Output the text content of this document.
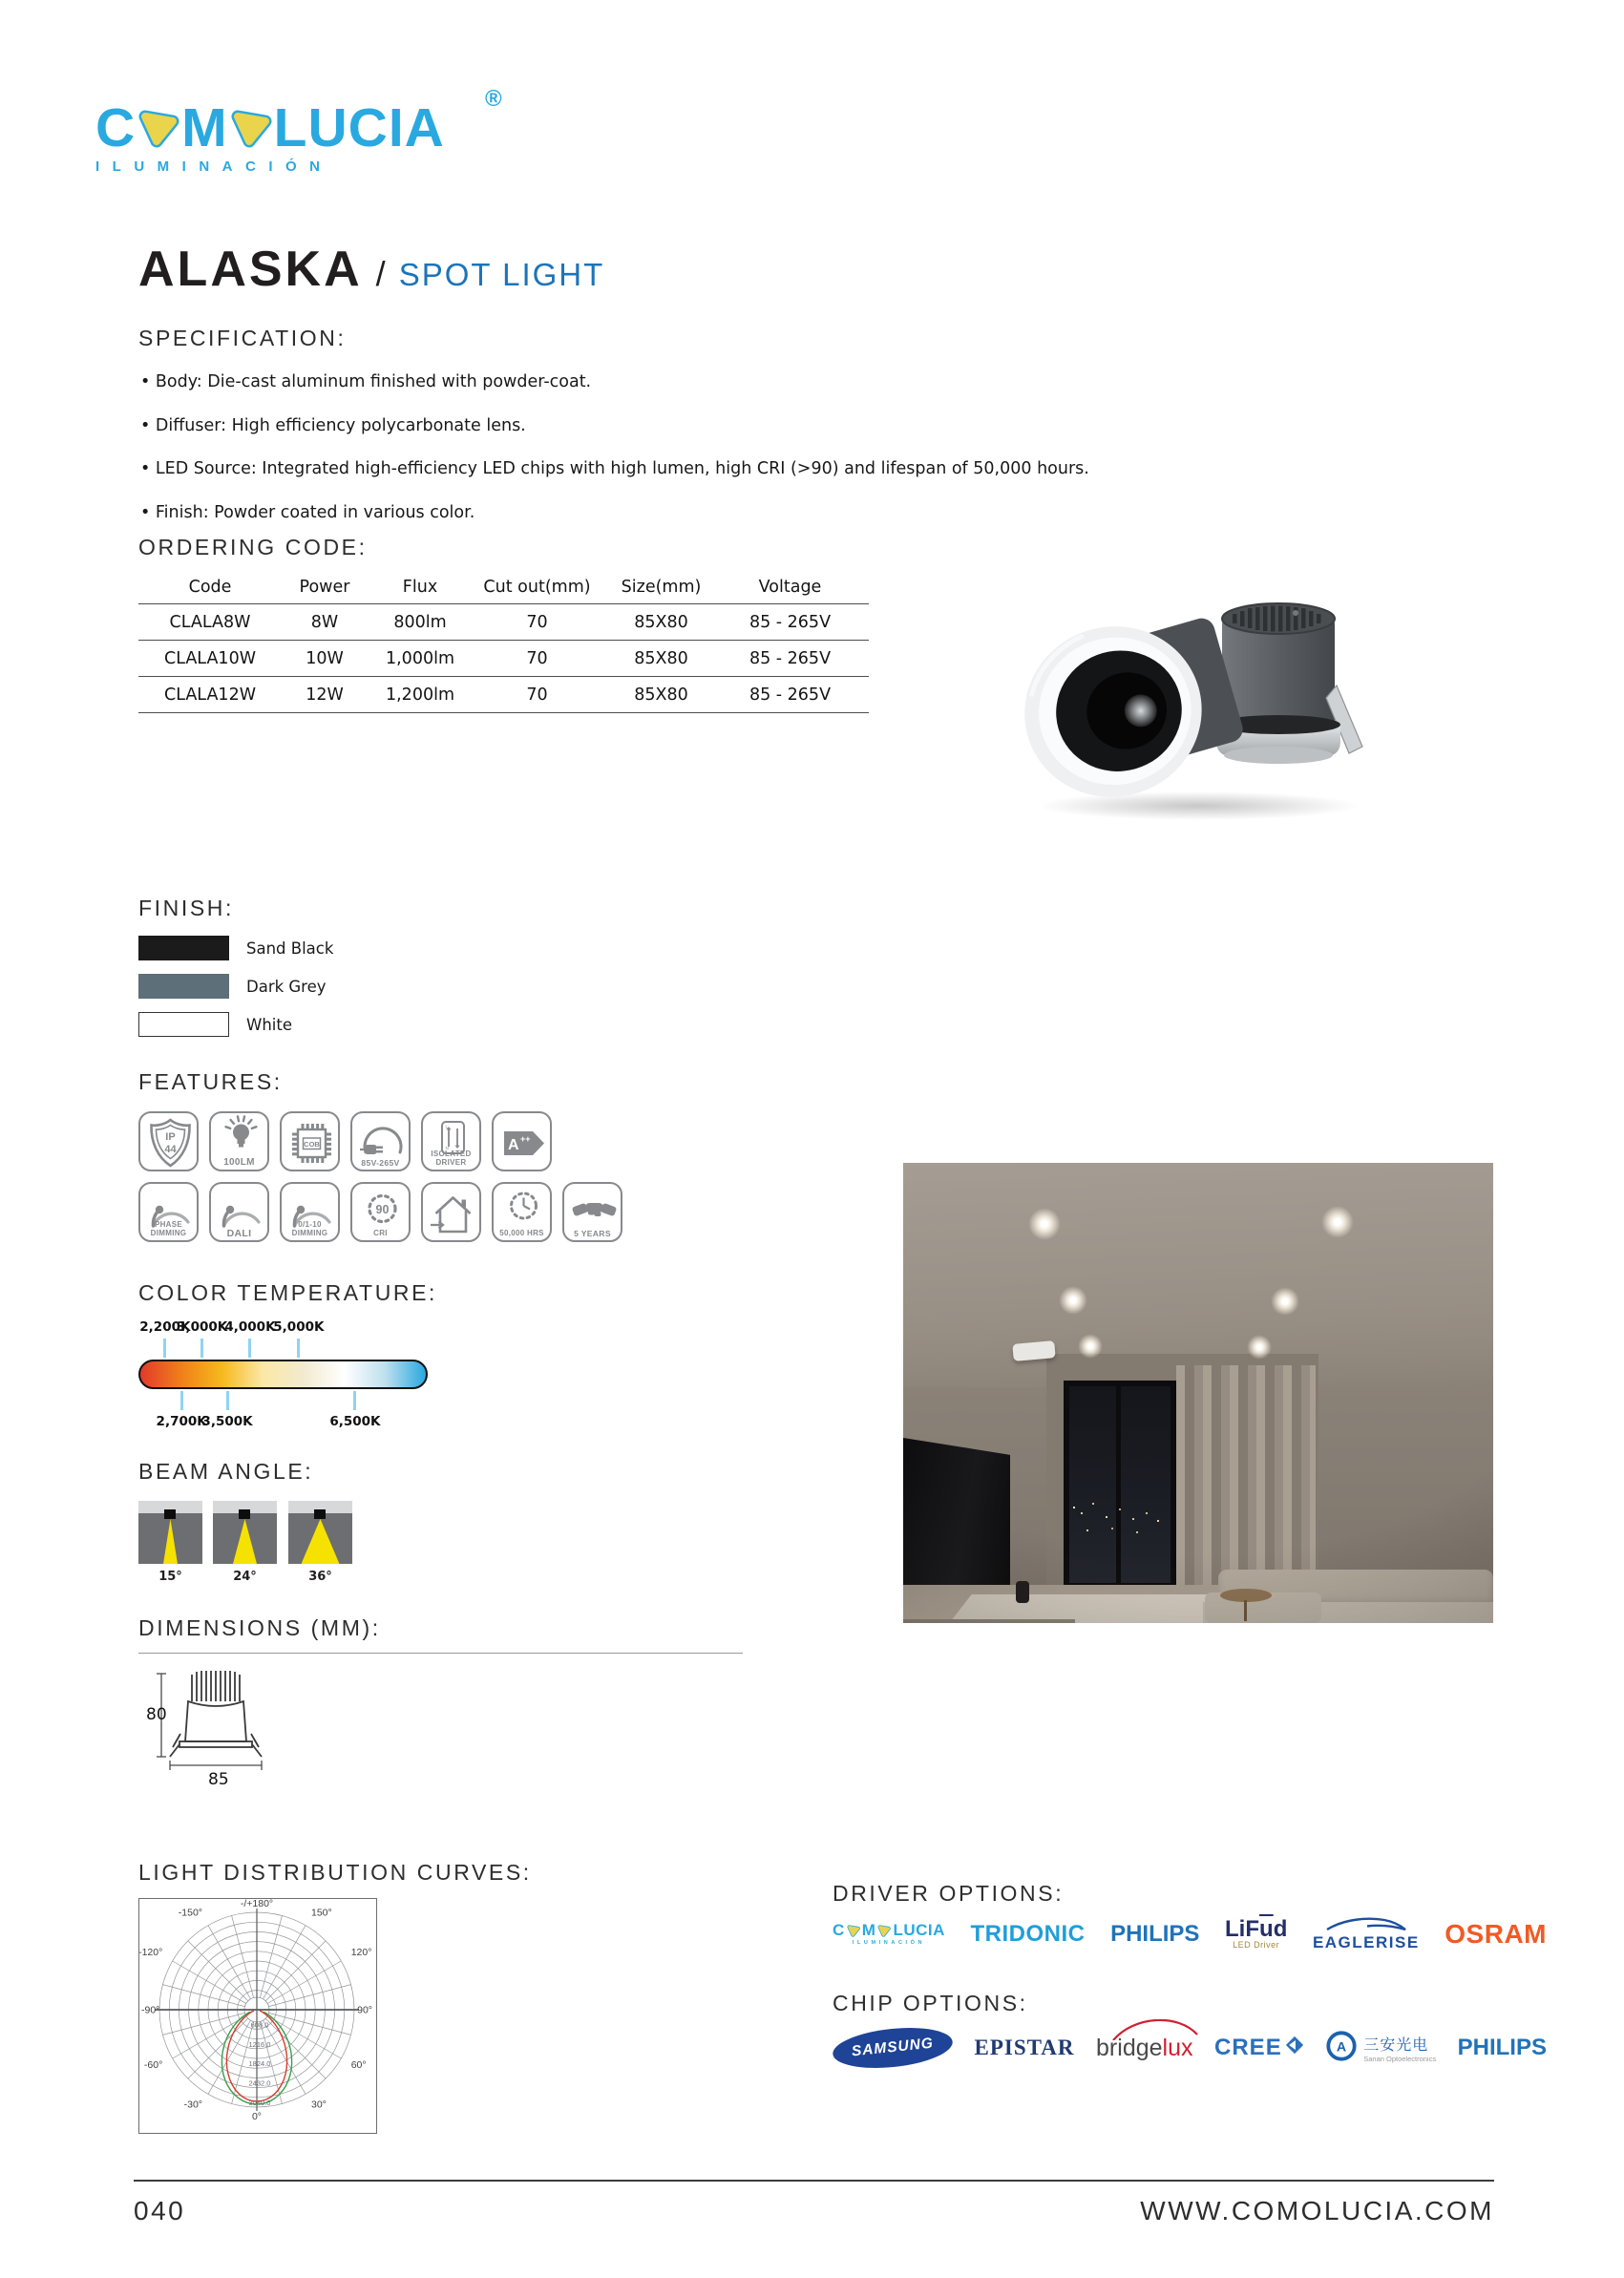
C M L U C I A
ILUMINACIÓN
®
ALASKA / SPOT LIGHT
SPECIFICATION:
• Body: Die-cast aluminum finished with powder-coat.
• Diffuser: High efficiency polycarbonate lens.
• LED Source: Integrated high-efficiency LED chips with high lumen, high CRI (>90) and lifespan of 50,000 hours.
• Finish: Powder coated in various color.
ORDERING CODE:
Code	Power	Flux	Cut out(mm)	Size(mm)	Voltage
CLALA8W	8W	800lm	70	85X80	85 - 265V
CLALA10W	10W	1,000lm	70	85X80	85 - 265V
CLALA12W	12W	1,200lm	70	85X80	85 - 265V
FINISH:
Sand Black
Dark Grey
White
FEATURES:
IP
44
100LM
COB
85V-265V
L
N
ISOLATED DRIVER
A ++
PHASE DIMMING	DALI
0/1-10 DIMMING
90
CRI	50,000 HRS	5 YEARS
COLOR TEMPERATURE:
2,200K
3,000K
4,000K
5,000K
2,700K
3,500K	6,500K
BEAM ANGLE:
15°	24°	36°
DIMENSIONS (MM):
80
85
LIGHT DISTRIBUTION CURVES:
608.0
1216.0
1824.0
2432.0
3040.0
-/+180°
-150°
-120°
-90°
-60°
-30°
0°
30°
60°
90°
120°
150°
DRIVER OPTIONS:
C M L U C I A
ILUMINACIÓN TRIDONIC PHILIPS $LiF\overline{u}d$
LED Driver EAGLERISE OSRAM
CHIP OPTIONS:
SAMSUNG EPISTAR bridgelux CREE	A 三安光电
Sanan Optoelectronics PHILIPS
040	WWW.COMOLUCIA.COM
